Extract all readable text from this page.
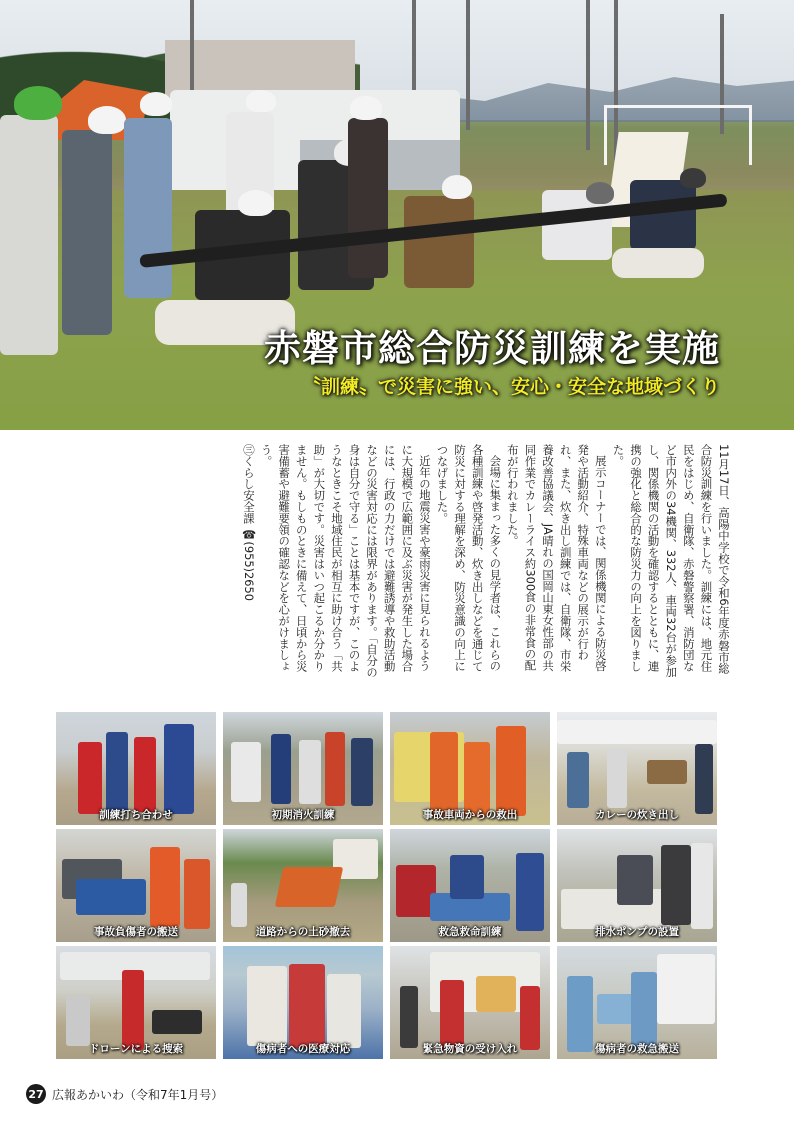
赤磐市総合防災訓練を実施
〝訓練〟で災害に強い、安心・安全な地域づくり

11月17日、高陽中学校で令和6年度赤磐市総合防災訓練を行いました。訓練には、地元住民をはじめ、自衛隊、赤磐警察署、消防団など市内外の34機関、332人、車両32台が参加し、関係機関の活動を確認するとともに、連携の強化と総合的な防災力の向上を図りました。

展示コーナーでは、関係機関による防災啓発や活動紹介、特殊車両などの展示が行われ、また、炊き出し訓練では、自衛隊、市栄養改善協議会、JA晴れの国岡山東女性部の共同作業でカレーライス約300食の非常食の配布が行われました。

会場に集まった多くの見学者は、これらの各種訓練や啓発活動、炊き出しなどを通じて防災に対する理解を深め、防災意識の向上につなげました。

近年の地震災害や豪雨災害に見られるように大規模で広範囲に及ぶ災害が発生した場合には、行政の力だけでは避難誘導や救助活動などの災害対応には限界があります。「自分の身は自分で守る」ことは基本ですが、このようなときこそ地域住民が相互に助け合う「共助」が大切です。災害はいつ起こるか分かりません。もしものときに備えて、日頃から災害備蓄や避難要領の確認などを心がけましょう。

㊂くらし安全課 ☎(955)2650

訓練打ち合わせ	初期消火訓練	事故車両からの救出	カレーの炊き出し
事故負傷者の搬送	道路からの土砂撤去	救急救命訓練	排水ポンプの設置
ドローンによる捜索	傷病者への医療対応	緊急物資の受け入れ	傷病者の救急搬送
27 広報あかいわ（令和7年1月号）
